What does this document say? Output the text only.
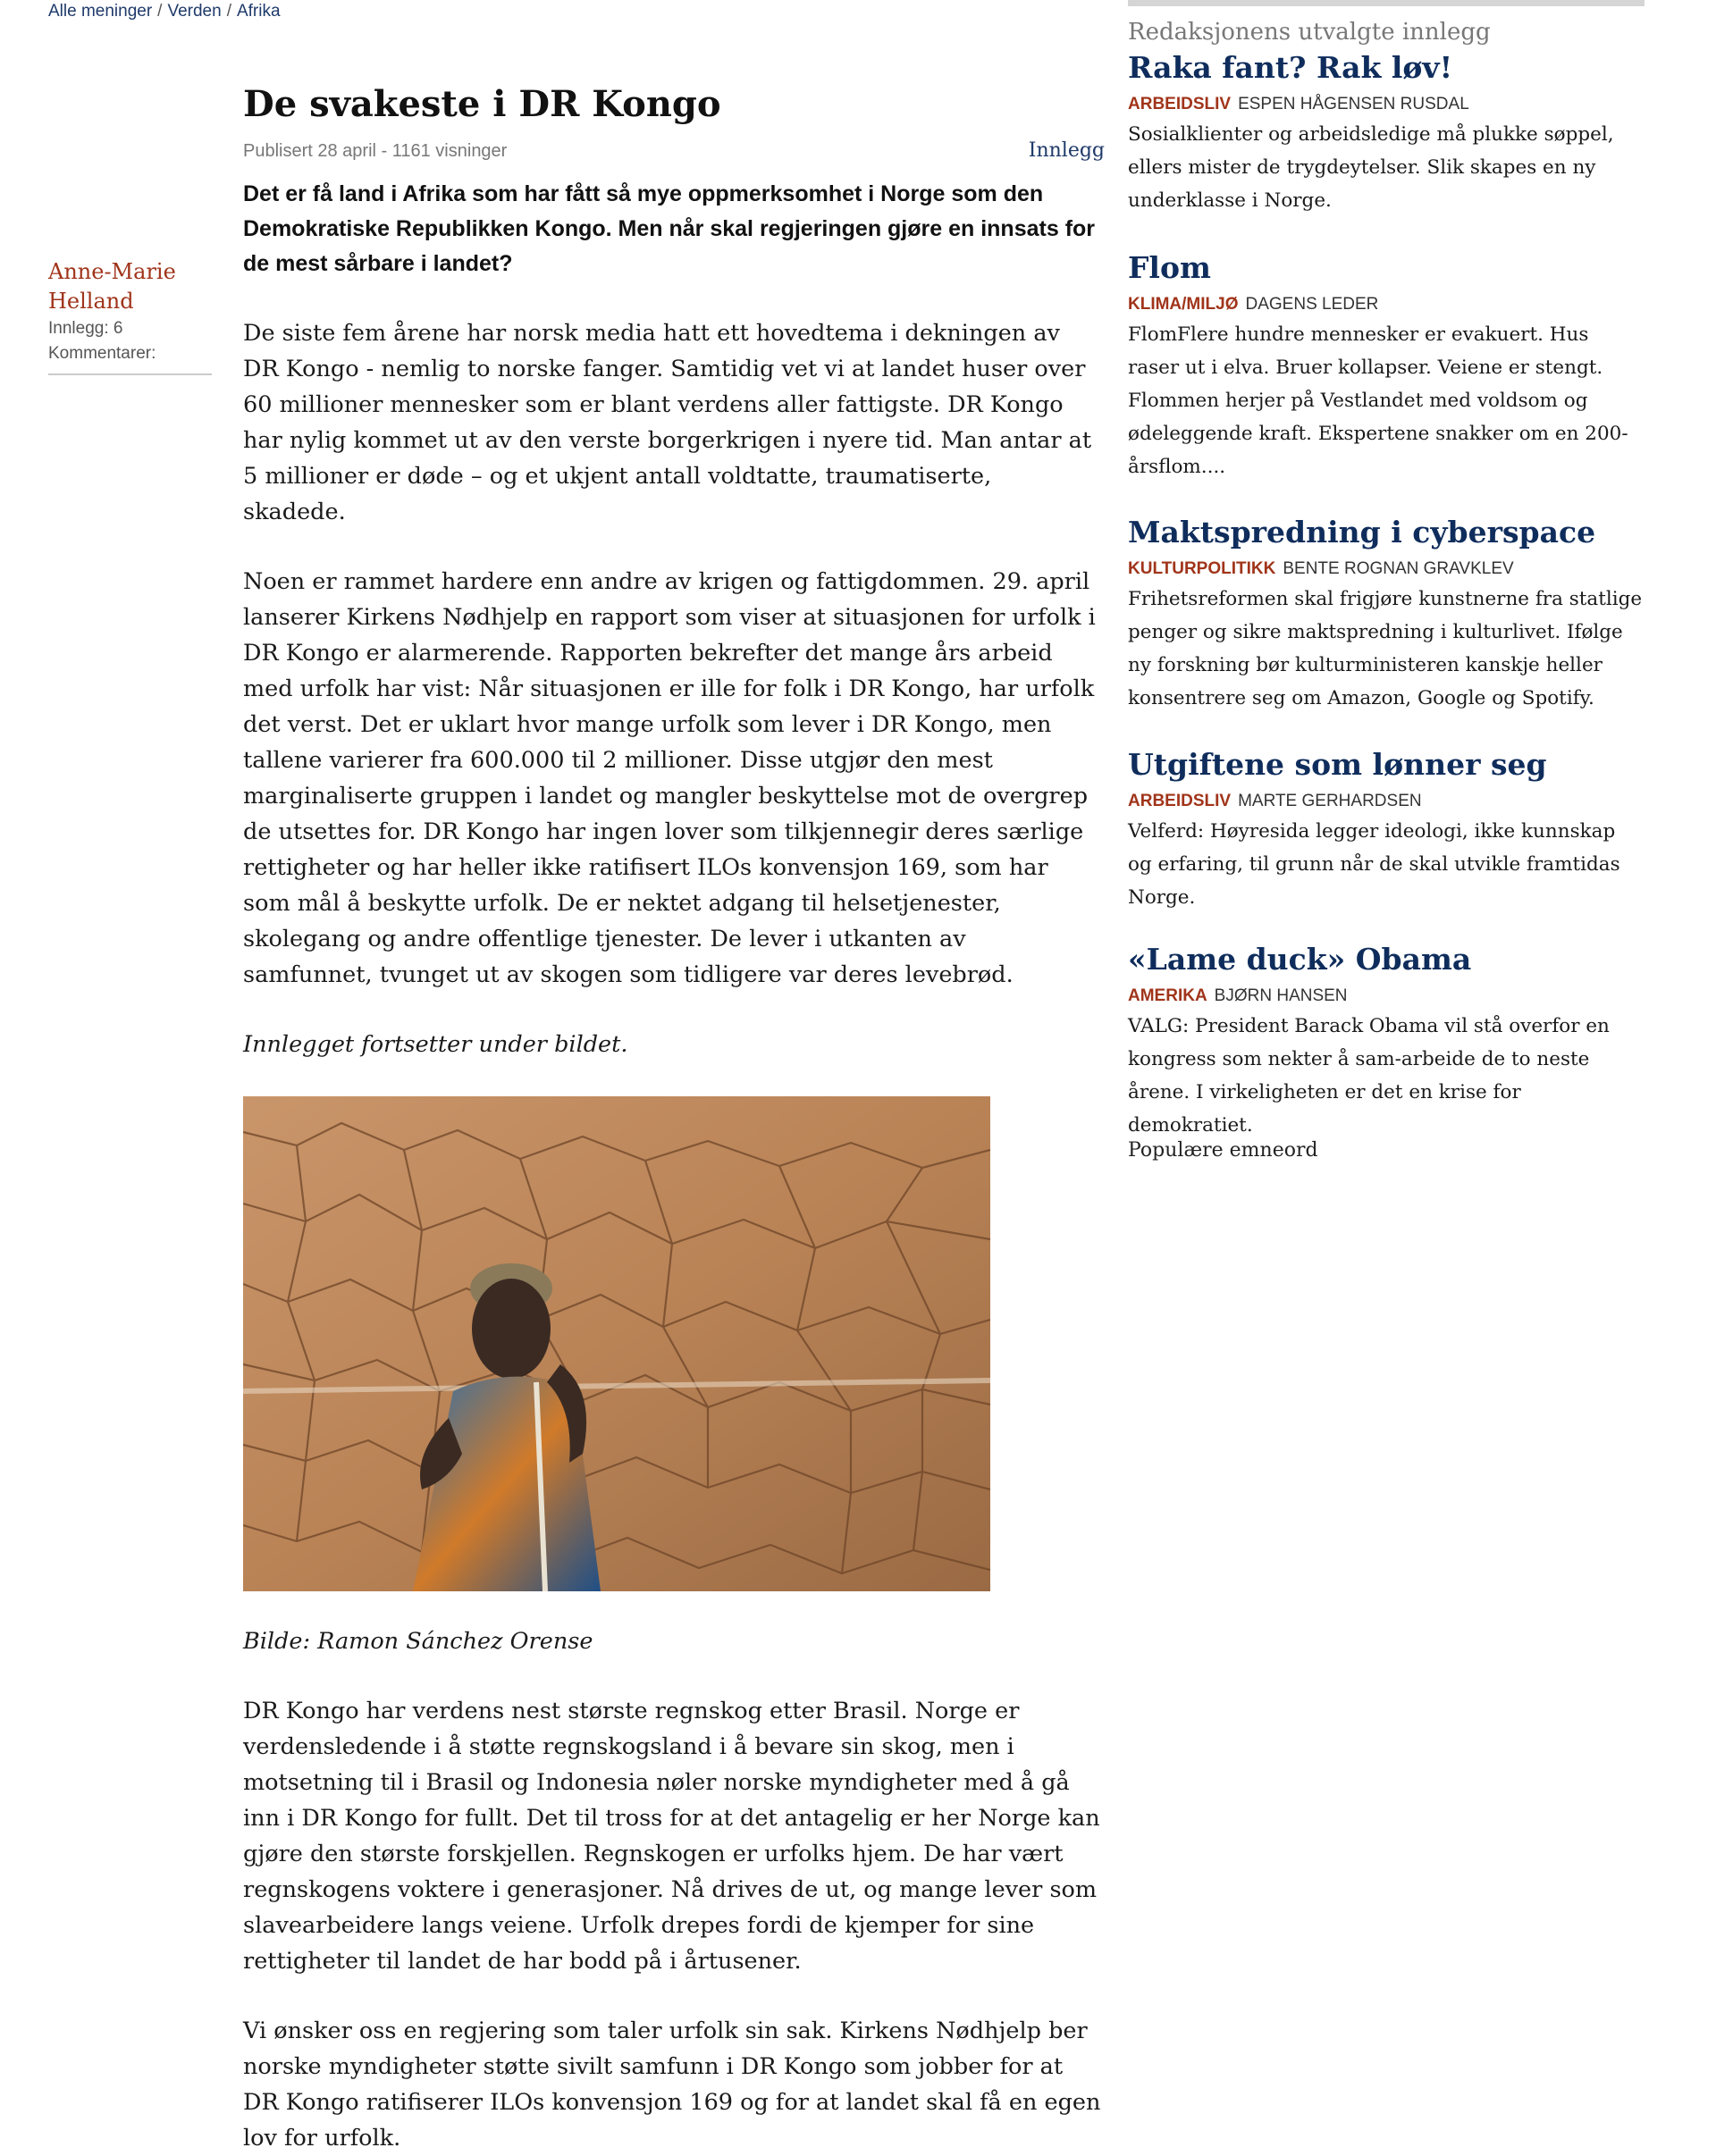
Alle meninger / Verden / Afrika
Anne-Marie Helland
Innlegg: 6
Kommentarer:
De svakeste i DR Kongo
Publisert 28 april - 1161 visninger	Innlegg

Det er få land i Afrika som har fått så mye oppmerksomhet i Norge som den Demokratiske Republikken Kongo. Men når skal regjeringen gjøre en innsats for de mest sårbare i landet?

De siste fem årene har norsk media hatt ett hovedtema i dekningen av DR Kongo - nemlig to norske fanger. Samtidig vet vi at landet huser over 60 millioner mennesker som er blant verdens aller fattigste. DR Kongo har nylig kommet ut av den verste borgerkrigen i nyere tid. Man antar at 5 millioner er døde – og et ukjent antall voldtatte, traumatiserte, skadede.

Noen er rammet hardere enn andre av krigen og fattigdommen. 29. april lanserer Kirkens Nødhjelp en rapport som viser at situasjonen for urfolk i DR Kongo er alarmerende. Rapporten bekrefter det mange års arbeid med urfolk har vist: Når situasjonen er ille for folk i DR Kongo, har urfolk det verst. Det er uklart hvor mange urfolk som lever i DR Kongo, men tallene varierer fra 600.000 til 2 millioner. Disse utgjør den mest marginaliserte gruppen i landet og mangler beskyttelse mot de overgrep de utsettes for. DR Kongo har ingen lover som tilkjennegir deres særlige rettigheter og har heller ikke ratifisert ILOs konvensjon 169, som har som mål å beskytte urfolk. De er nektet adgang til helsetjenester, skolegang og andre offentlige tjenester. De lever i utkanten av samfunnet, tvunget ut av skogen som tidligere var deres levebrød.

Innlegget fortsetter under bildet.

Bilde: Ramon Sánchez Orense

DR Kongo har verdens nest største regnskog etter Brasil. Norge er verdensledende i å støtte regnskogsland i å bevare sin skog, men i motsetning til i Brasil og Indonesia nøler norske myndigheter med å gå inn i DR Kongo for fullt. Det til tross for at det antagelig er her Norge kan gjøre den største forskjellen. Regnskogen er urfolks hjem. De har vært regnskogens voktere i generasjoner. Nå drives de ut, og mange lever som slavearbeidere langs veiene. Urfolk drepes fordi de kjemper for sine rettigheter til landet de har bodd på i årtusener.

Vi ønsker oss en regjering som taler urfolk sin sak. Kirkens Nødhjelp ber norske myndigheter støtte sivilt samfunn i DR Kongo som jobber for at DR Kongo ratifiserer ILOs konvensjon 169 og for at landet skal få en egen lov for urfolk.

Redaksjonens utvalgte innlegg
Raka fant? Rak løv!
ARBEIDSLIV ESPEN HÅGENSEN RUSDAL

Sosialklienter og arbeidsledige må plukke søppel, ellers mister de trygdeytelser. Slik skapes en ny underklasse i Norge.

Flom
KLIMA/MILJØ DAGENS LEDER

FlomFlere hundre mennesker er evakuert. Hus raser ut i elva. Bruer kollapser. Veiene er stengt. Flommen herjer på Vestlandet med voldsom og ødeleggende kraft. Ekspertene snakker om en 200-årsflom....

Maktspredning i cyberspace
KULTURPOLITIKK BENTE ROGNAN GRAVKLEV

Frihetsreformen skal frigjøre kunstnerne fra statlige penger og sikre maktspredning i kulturlivet. Ifølge ny forskning bør kulturministeren kanskje heller konsentrere seg om Amazon, Google og Spotify.

Utgiftene som lønner seg
ARBEIDSLIV MARTE GERHARDSEN

Velferd: Høyresida legger ideologi, ikke kunnskap og erfaring, til grunn når de skal utvikle framtidas Norge.

«Lame duck» Obama
AMERIKA BJØRN HANSEN

VALG: President Barack Obama vil stå overfor en kongress som nekter å sam-arbeide de to neste årene. I virkeligheten er det en krise for demokratiet.

Populære emneord
